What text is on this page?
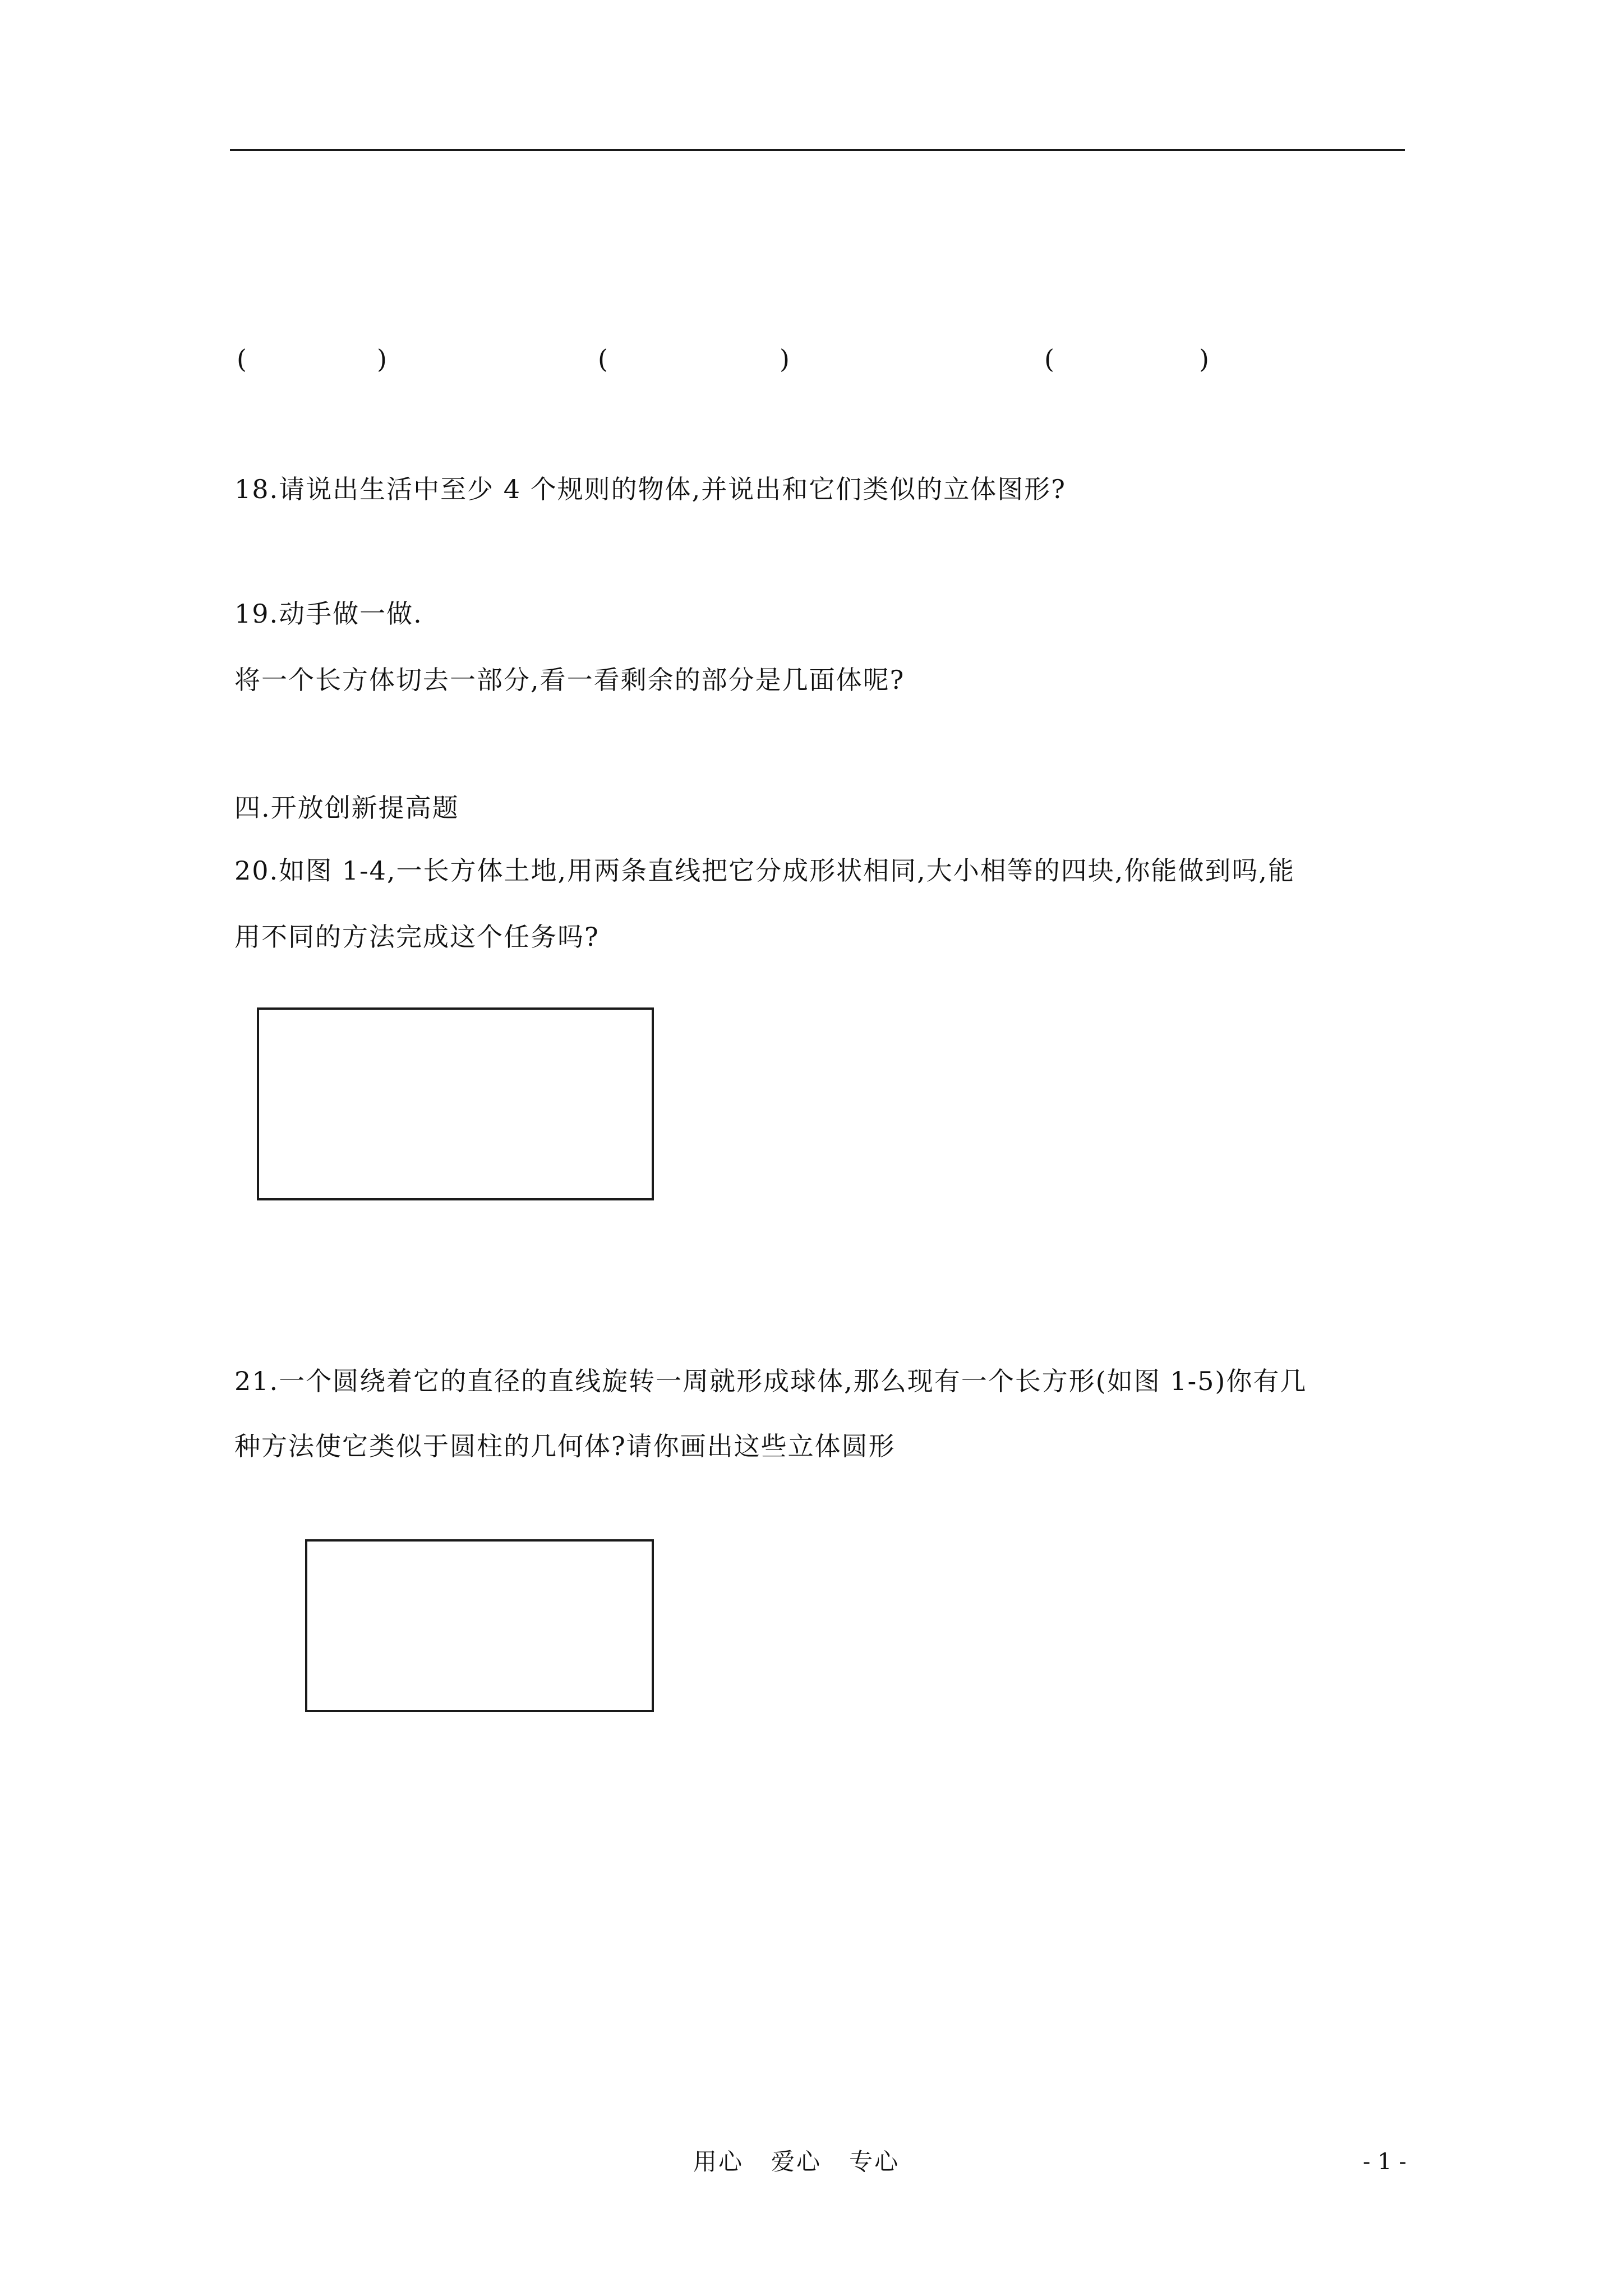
(	)	(	)	(	)
18.请说出生活中至少 4 个规则的物体,并说出和它们类似的立体图形?
19.动手做一做.
将一个长方体切去一部分,看一看剩余的部分是几面体呢?
四.开放创新提高题
20.如图 1-4,一长方体土地,用两条直线把它分成形状相同,大小相等的四块,你能做到吗,能
用不同的方法完成这个任务吗?
21.一个圆绕着它的直径的直线旋转一周就形成球体,那么现有一个长方形(如图 1-5)你有几
种方法使它类似于圆柱的几何体?请你画出这些立体圆形
用心   爱心   专心	- 1 -
